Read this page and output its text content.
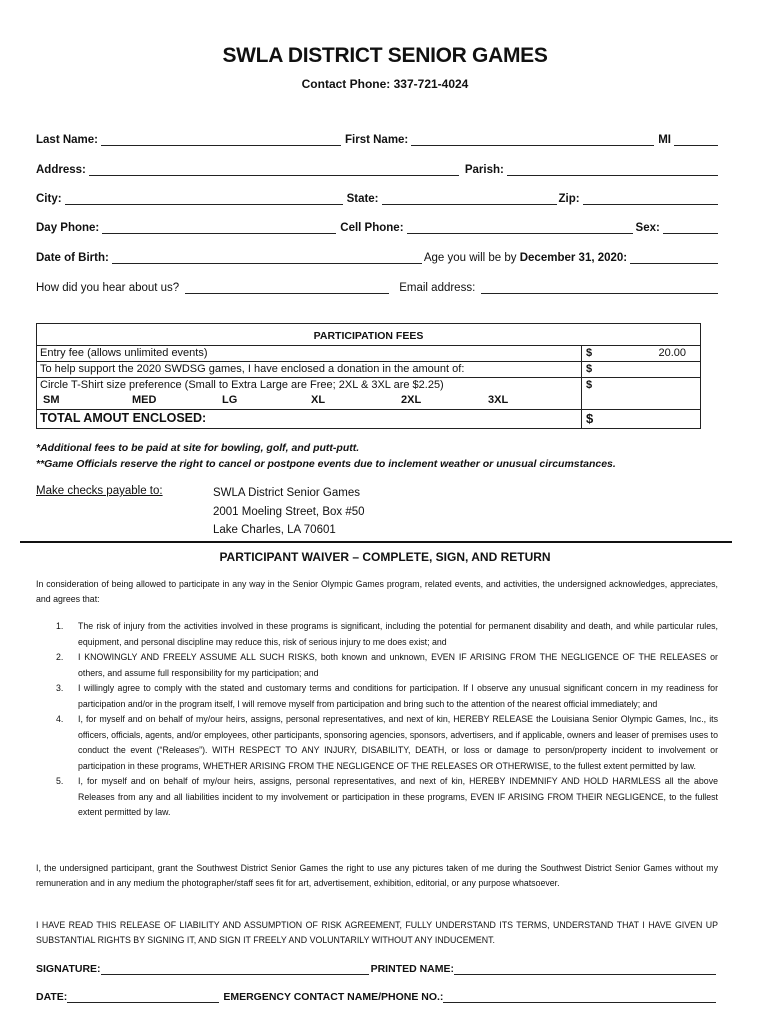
SWLA DISTRICT SENIOR GAMES
Contact Phone: 337-721-4024
Last Name:	First Name:	MI
Address:	Parish:
City:	State:	Zip:
Day Phone:	Cell Phone:	Sex:
Date of Birth:	Age you will be by December 31, 2020:
How did you hear about us?	Email address:
PARTICIPATION FEES
Entry fee (allows unlimited events)	$	20.00
To help support the 2020 SWDSG games, I have enclosed a donation in the amount of:	$
Circle T-Shirt size preference (Small to Extra Large are Free; 2XL & 3XL are $2.25)
SM	MED	LG	XL	2XL	3XL
$
TOTAL AMOUT ENCLOSED:	$
*Additional fees to be paid at site for bowling, golf, and putt-putt.
**Game Officials reserve the right to cancel or postpone events due to inclement weather or unusual circumstances.
Make checks payable to:	SWLA District Senior Games
2001 Moeling Street, Box #50
Lake Charles, LA 70601
PARTICIPANT WAIVER – COMPLETE, SIGN, AND RETURN
In consideration of being allowed to participate in any way in the Senior Olympic Games program, related events, and activities, the undersigned acknowledges, appreciates, and agrees that:
1.	The risk of injury from the activities involved in these programs is significant, including the potential for permanent disability and death, and while particular rules, equipment, and personal discipline may reduce this, risk of serious injury to me does exist; and
2.	I KNOWINGLY AND FREELY ASSUME ALL SUCH RISKS, both known and unknown, EVEN IF ARISING FROM THE NEGLIGENCE OF THE RELEASES or others, and assume full responsibility for my participation; and
3.	I willingly agree to comply with the stated and customary terms and conditions for participation. If I observe any unusual significant concern in my readiness for participation and/or in the program itself, I will remove myself from participation and bring such to the attention of the nearest official immediately; and
4.	I, for myself and on behalf of my/our heirs, assigns, personal representatives, and next of kin, HEREBY RELEASE the Louisiana Senior Olympic Games, Inc., its officers, officials, agents, and/or employees, other participants, sponsoring agencies, sponsors, advertisers, and if applicable, owners and leaser of premises uses to conduct the event (“Releases”). WITH RESPECT TO ANY INJURY, DISABILITY, DEATH, or loss or damage to person/property incident to involvement or participation in these programs, WHETHER ARISING FROM THE NEGLIGENCE OF THE RELEASES OR OTHERWISE, to the fullest extent permitted by law.
5.	I, for myself and on behalf of my/our heirs, assigns, personal representatives, and next of kin, HEREBY INDEMNIFY AND HOLD HARMLESS all the above Releases from any and all liabilities incident to my involvement or participation in these programs, EVEN IF ARISING FROM THEIR NEGLIGENCE, to the fullest extent permitted by law.
I, the undersigned participant, grant the Southwest District Senior Games the right to use any pictures taken of me during the Southwest District Senior Games without my remuneration and in any medium the photographer/staff sees fit for art, advertisement, exhibition, editorial, or any purpose whatsoever.
I HAVE READ THIS RELEASE OF LIABILITY AND ASSUMPTION OF RISK AGREEMENT, FULLY UNDERSTAND ITS TERMS, UNDERSTAND THAT I HAVE GIVEN UP SUBSTANTIAL RIGHTS BY SIGNING IT, AND SIGN IT FREELY AND VOLUNTARILY WITHOUT ANY INDUCEMENT.
SIGNATURE:	PRINTED NAME:
DATE:	EMERGENCY CONTACT NAME/PHONE NO.:
